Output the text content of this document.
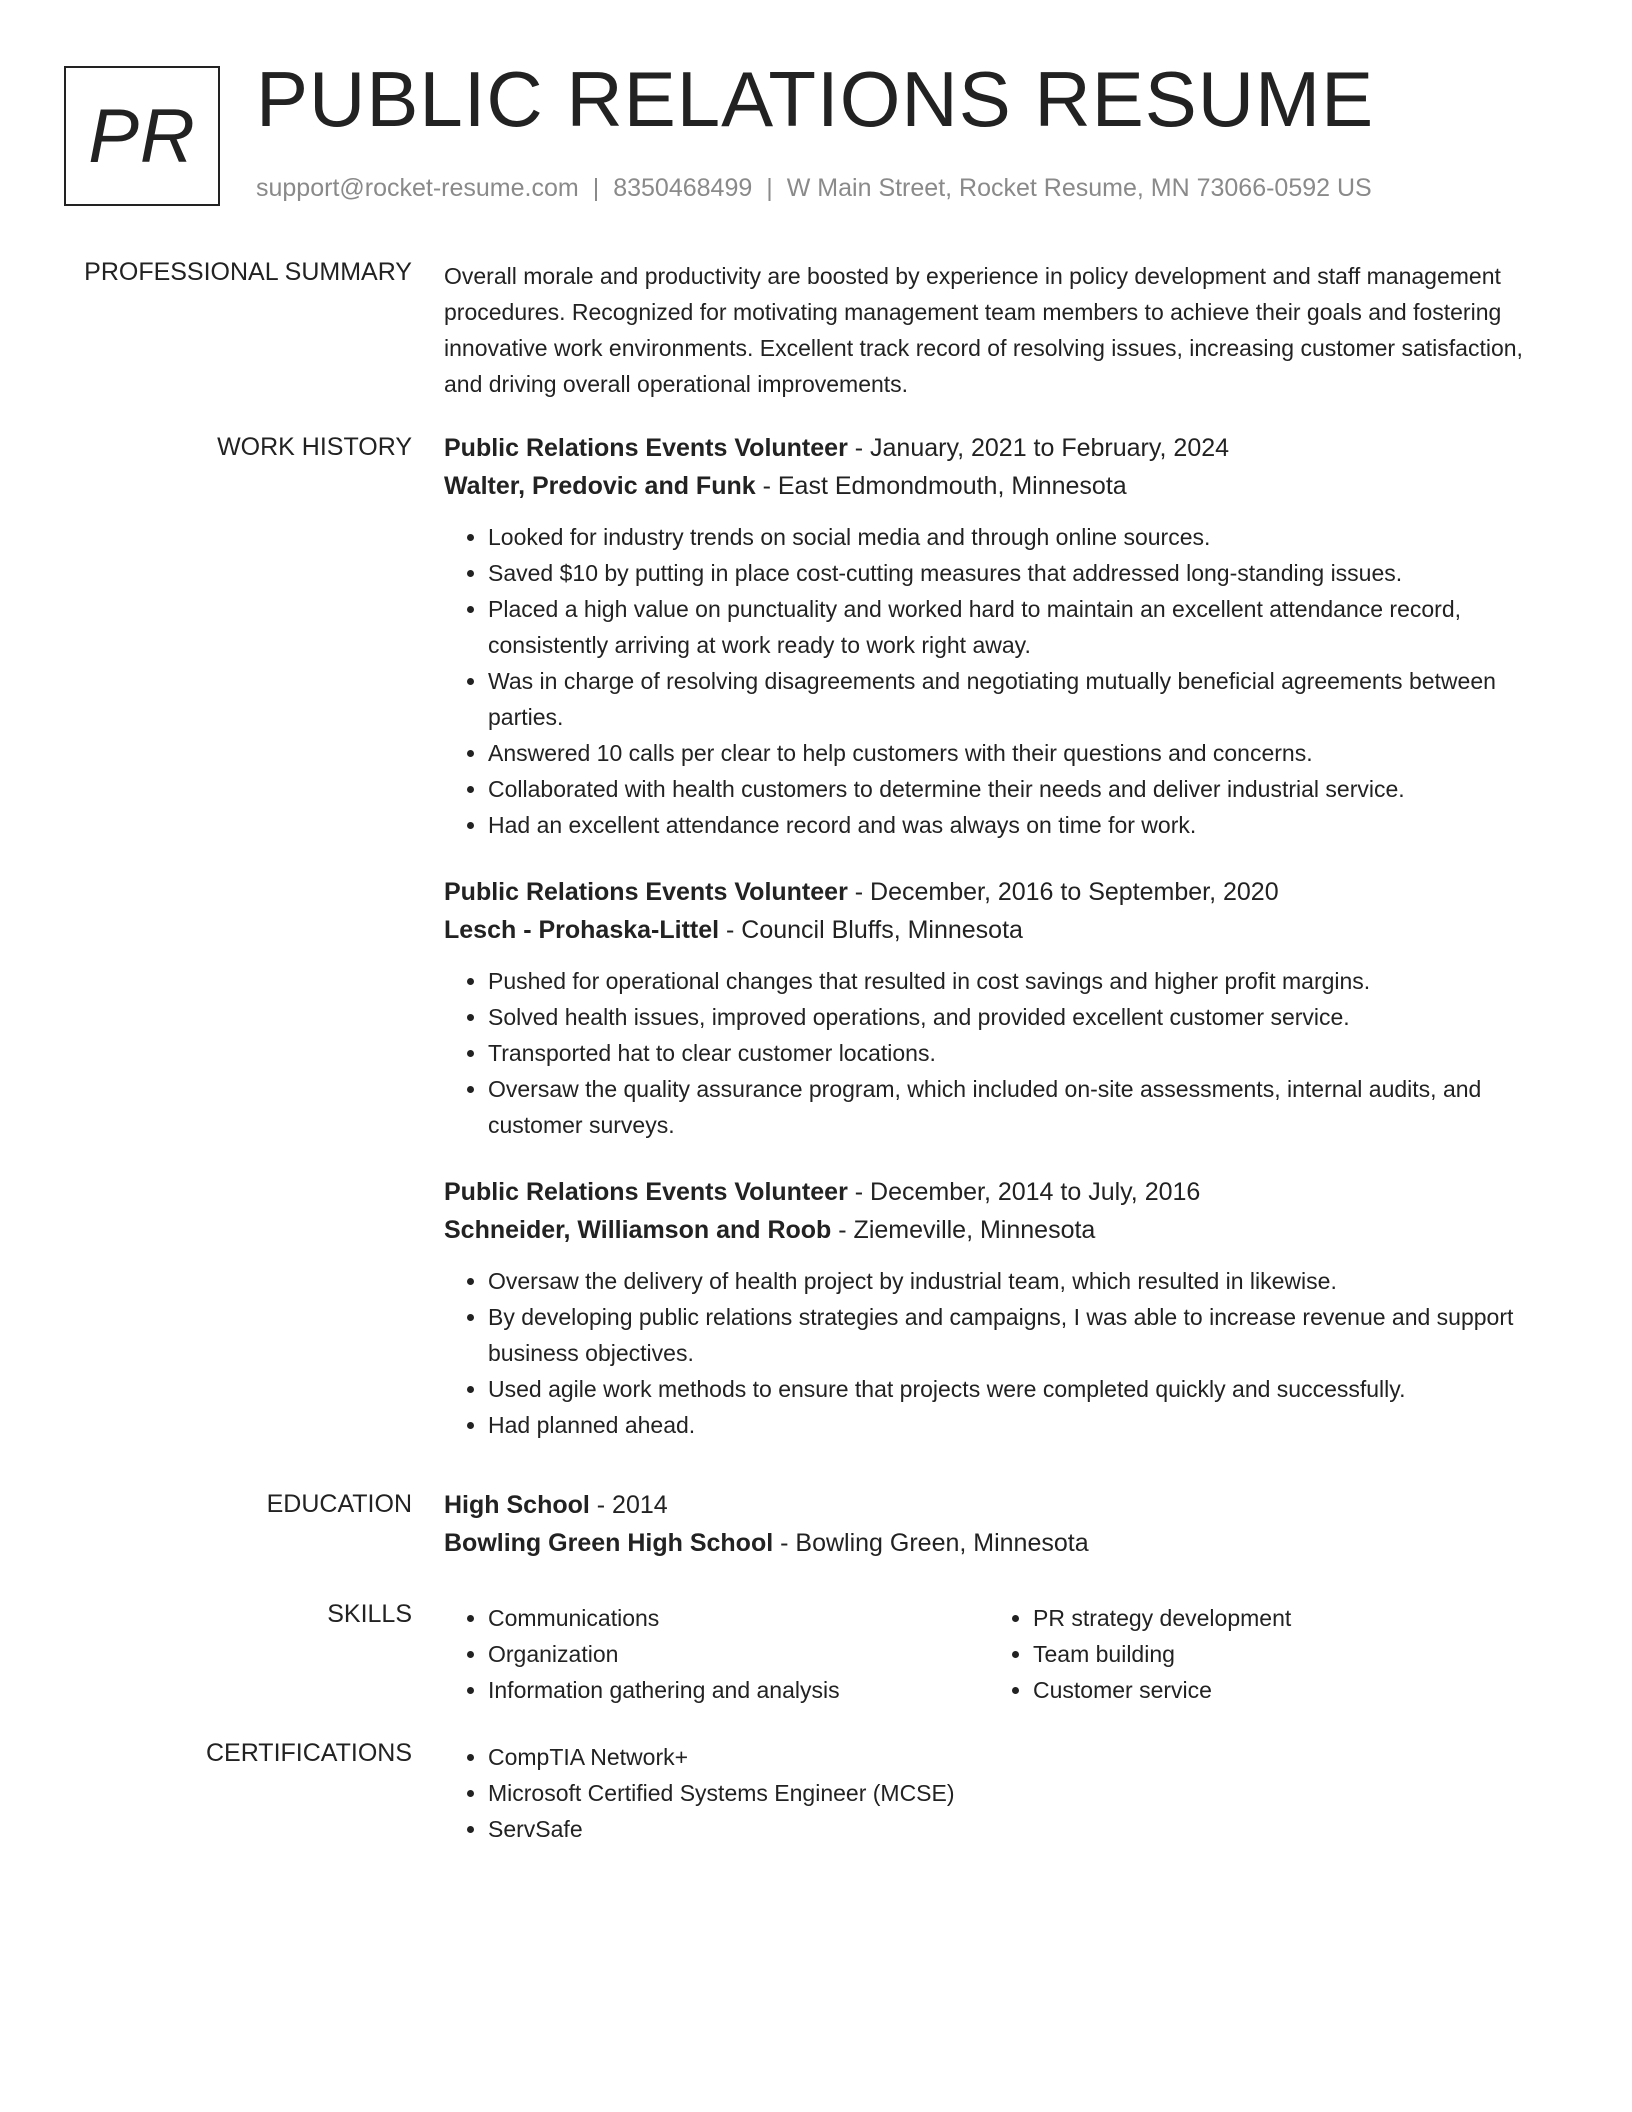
PR PUBLIC RELATIONS RESUME
support@rocket-resume.com | 8350468499 | W Main Street, Rocket Resume, MN 73066-0592 US
PROFESSIONAL SUMMARY Overall morale and productivity are boosted by experience in policy development and staff management procedures. Recognized for motivating management team members to achieve their goals and fostering innovative work environments. Excellent track record of resolving issues, increasing customer satisfaction, and driving overall operational improvements.

WORK HISTORY Public Relations Events Volunteer - January, 2021 to February, 2024

Walter, Predovic and Funk - East Edmondmouth, Minnesota

• Looked for industry trends on social media and through online sources.
• Saved $10 by putting in place cost-cutting measures that addressed long-standing issues.
• Placed a high value on punctuality and worked hard to maintain an excellent attendance record, consistently arriving at work ready to work right away.
• Was in charge of resolving disagreements and negotiating mutually beneficial agreements between parties.
• Answered 10 calls per clear to help customers with their questions and concerns.
• Collaborated with health customers to determine their needs and deliver industrial service.
• Had an excellent attendance record and was always on time for work.

Public Relations Events Volunteer - December, 2016 to September, 2020

Lesch - Prohaska-Littel - Council Bluffs, Minnesota

• Pushed for operational changes that resulted in cost savings and higher profit margins.
• Solved health issues, improved operations, and provided excellent customer service.
• Transported hat to clear customer locations.
• Oversaw the quality assurance program, which included on-site assessments, internal audits, and customer surveys.

Public Relations Events Volunteer - December, 2014 to July, 2016

Schneider, Williamson and Roob - Ziemeville, Minnesota

• Oversaw the delivery of health project by industrial team, which resulted in likewise.
• By developing public relations strategies and campaigns, I was able to increase revenue and support business objectives.
• Used agile work methods to ensure that projects were completed quickly and successfully.
• Had planned ahead.
EDUCATION High School - 2014

Bowling Green High School - Bowling Green, Minnesota

SKILLS	• Communications
• Organization
• Information gathering and analysis
• PR strategy development
• Team building
• Customer service
CERTIFICATIONS	• CompTIA Network+
• Microsoft Certified Systems Engineer (MCSE)
• ServSafe
